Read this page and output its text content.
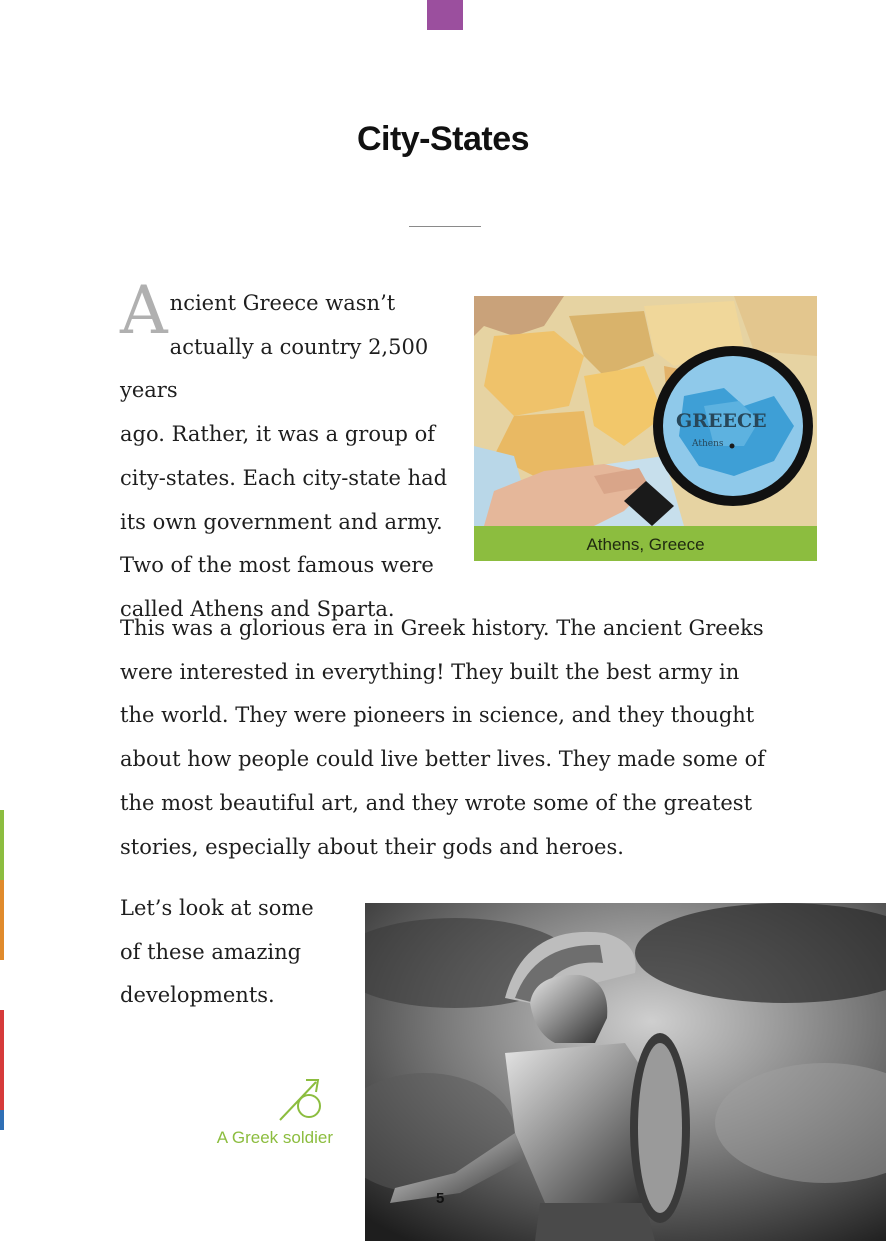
City-States

A ncient Greece wasn’t
actually a country 2,500 years
ago. Rather, it was a group of
city-states. Each city-state had
its own government and army.
Two of the most famous were
called Athens and Sparta.

GREECE
Athens
Athens, Greece

This was a glorious era in Greek history. The ancient Greeks
were interested in everything! They built the best army in
the world. They were pioneers in science, and they thought
about how people could live better lives. They made some of
the most beautiful art, and they wrote some of the greatest
stories, especially about their gods and heroes.

Let’s look at some
of these amazing
developments.

A Greek soldier
5
